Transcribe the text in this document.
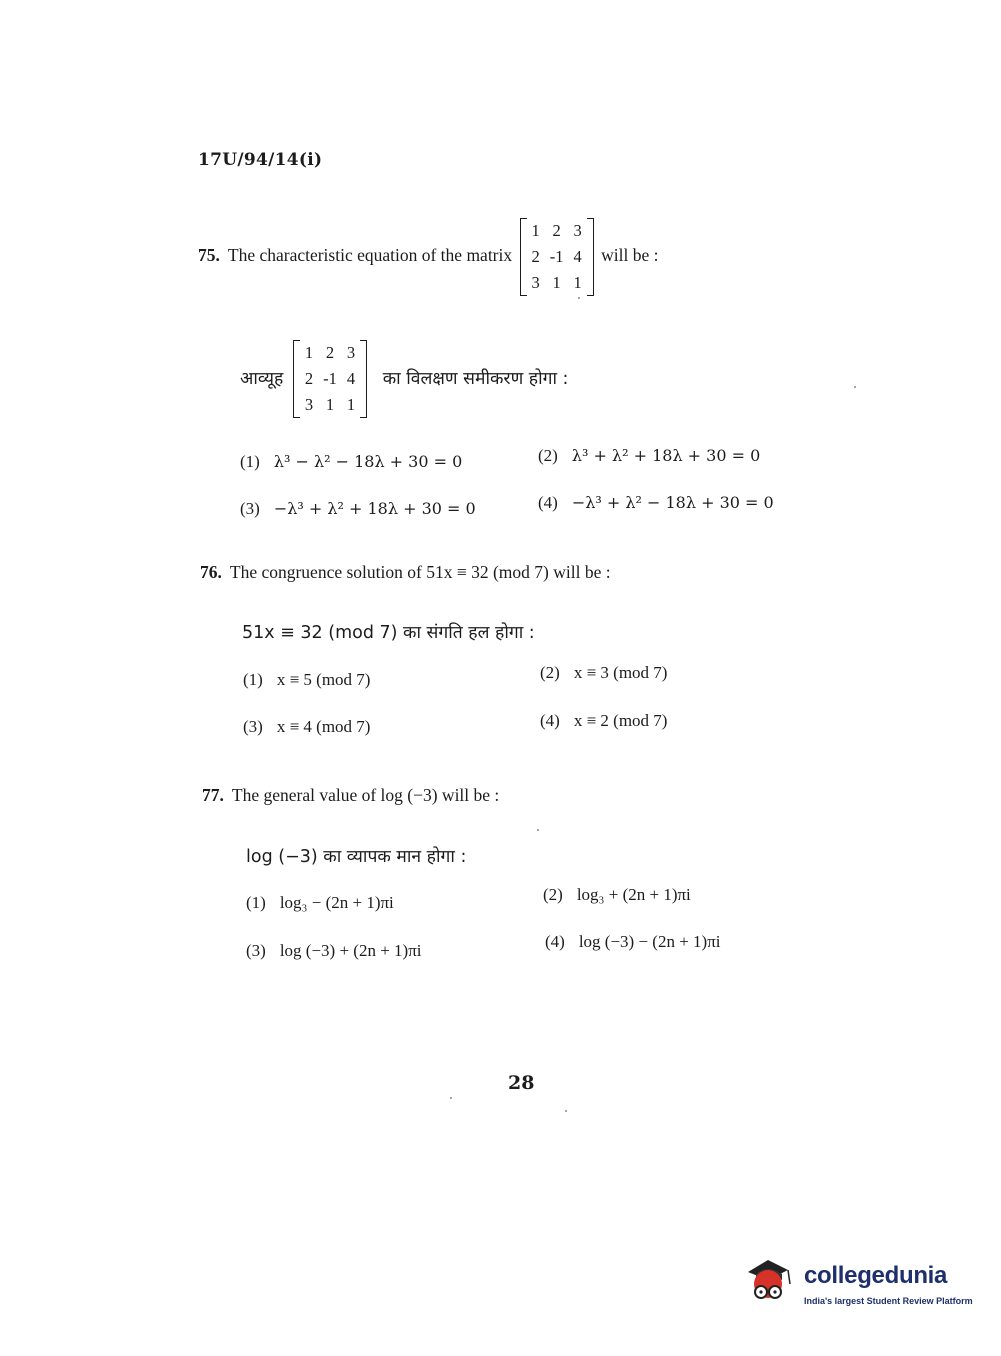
17U/94/14(i)
75. The characteristic equation of the matrix
1	2	3
2	-1	4
3	1	1
will be :
आव्यूह
1	2	3
2	-1	4
3	1	1
का विलक्षण समीकरण होगा :
(1) λ³ − λ² − 18λ + 30 = 0	(2) λ³ + λ² + 18λ + 30 = 0
(3) −λ³ + λ² + 18λ + 30 = 0	(4) −λ³ + λ² − 18λ + 30 = 0
76. The congruence solution of 51x ≡ 32 (mod 7) will be :
51x ≡ 32 (mod 7) का संगति हल होगा :
(1) x ≡ 5 (mod 7)	(2) x ≡ 3 (mod 7)
(3) x ≡ 4 (mod 7)	(4) x ≡ 2 (mod 7)
77. The general value of log (−3) will be :
log (−3) का व्यापक मान होगा :
(1) log₃ − (2n + 1)πi	(2) log₃ + (2n + 1)πi
(3) log (−3) + (2n + 1)πi	(4) log (−3) − (2n + 1)πi
28
collegedunia
India's largest Student Review Platform
